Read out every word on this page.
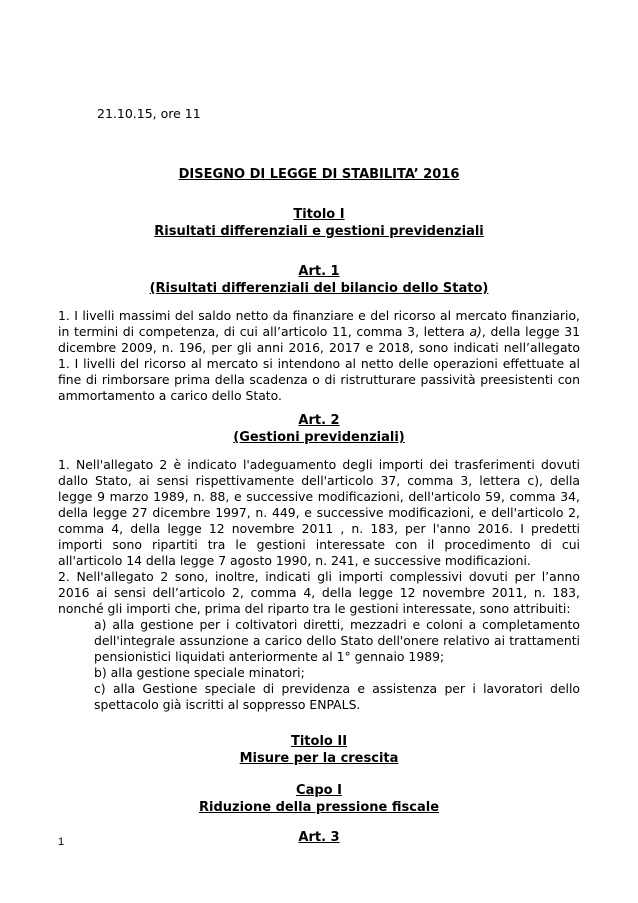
21.10.15, ore 11
DISEGNO DI LEGGE DI STABILITA’ 2016
Titolo I
Risultati differenziali e gestioni previdenziali
Art. 1
(Risultati differenziali del bilancio dello Stato)

1. I livelli massimi del saldo netto da finanziare e del ricorso al mercato finanziario, in termini di competenza, di cui all’articolo 11, comma 3, lettera a), della legge 31 dicembre 2009, n. 196, per gli anni 2016, 2017 e 2018, sono indicati nell’allegato 1. I livelli del ricorso al mercato si intendono al netto delle operazioni effettuate al fine di rimborsare prima della scadenza o di ristrutturare passività preesistenti con ammortamento a carico dello Stato.

Art. 2
(Gestioni previdenziali)

1. Nell'allegato 2 è indicato l'adeguamento degli importi dei trasferimenti dovuti dallo Stato, ai sensi rispettivamente dell'articolo 37, comma 3, lettera c), della legge 9 marzo 1989, n. 88, e successive modificazioni, dell'articolo 59, comma 34, della legge 27 dicembre 1997, n. 449, e successive modificazioni, e dell'articolo 2, comma 4, della legge 12 novembre 2011 , n. 183, per l'anno 2016. I predetti importi sono ripartiti tra le gestioni interessate con il procedimento di cui all'articolo 14 della legge 7 agosto 1990, n. 241, e successive modificazioni.

2. Nell'allegato 2 sono, inoltre, indicati gli importi complessivi dovuti per l’anno 2016 ai sensi dell’articolo 2, comma 4, della legge 12 novembre 2011, n. 183, nonché gli importi che, prima del riparto tra le gestioni interessate, sono attribuiti:

a) alla gestione per i coltivatori diretti, mezzadri e coloni a completamento dell'integrale assunzione a carico dello Stato dell'onere relativo ai trattamenti pensionistici liquidati anteriormente al 1° gennaio 1989;

b) alla gestione speciale minatori;

c) alla Gestione speciale di previdenza e assistenza per i lavoratori dello spettacolo già iscritti al soppresso ENPALS.

Titolo II
Misure per la crescita
Capo I
Riduzione della pressione fiscale
Art. 3
1
